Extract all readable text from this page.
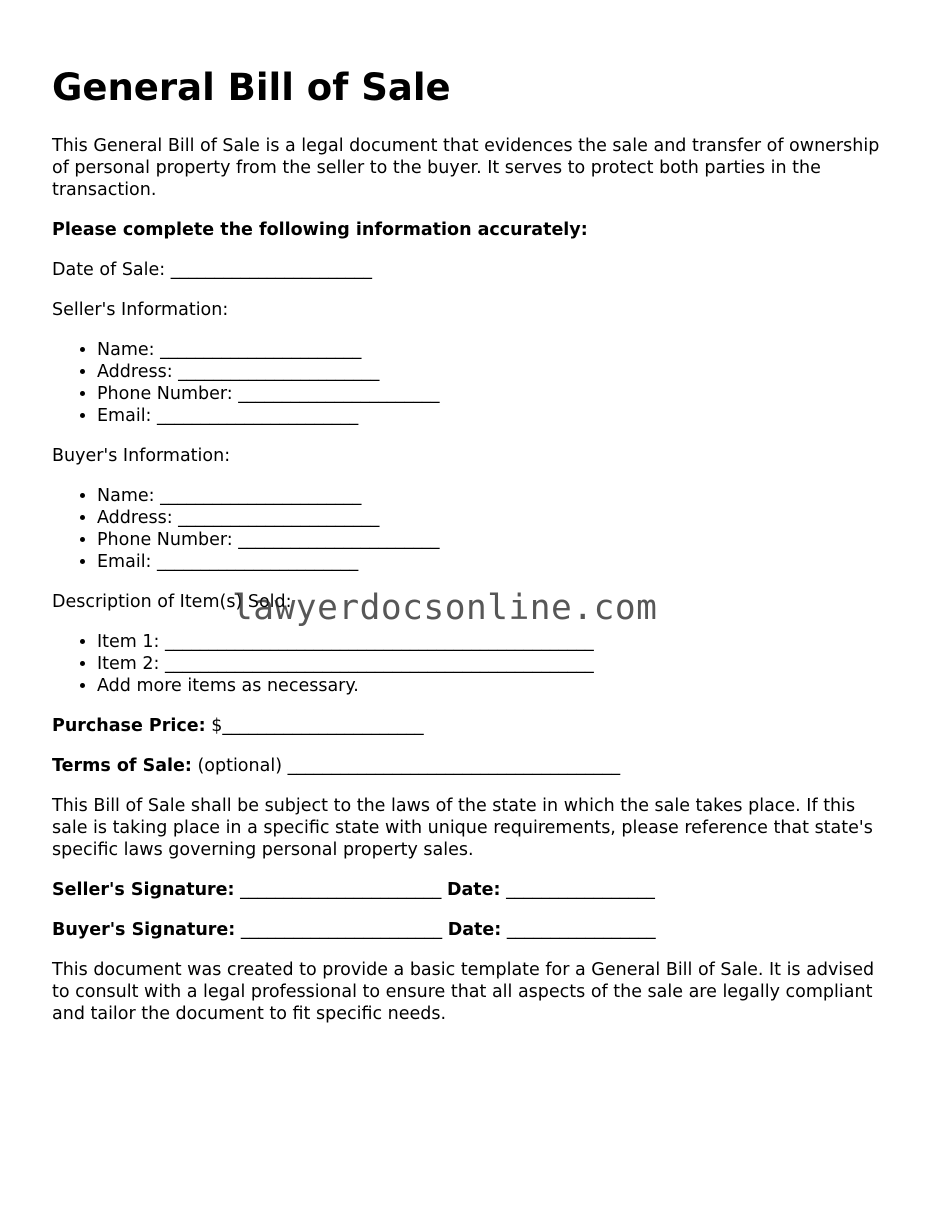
General Bill of Sale

This General Bill of Sale is a legal document that evidences the sale and transfer of ownership of personal property from the seller to the buyer. It serves to protect both parties in the transaction.

Please complete the following information accurately:

Date of Sale: _______________________

Seller's Information:

• Name: _______________________
• Address: _______________________
• Phone Number: _______________________
• Email: _______________________

Buyer's Information:

• Name: _______________________
• Address: _______________________
• Phone Number: _______________________
• Email: _______________________

Description of Item(s) Sold:

• Item 1: _________________________________________________
• Item 2: _________________________________________________
• Add more items as necessary.

Purchase Price: $_______________________

Terms of Sale: (optional) ______________________________________

This Bill of Sale shall be subject to the laws of the state in which the sale takes place. If this sale is taking place in a specific state with unique requirements, please reference that state's specific laws governing personal property sales.

Seller's Signature: _______________________ Date: _________________

Buyer's Signature: _______________________ Date: _________________

This document was created to provide a basic template for a General Bill of Sale. It is advised to consult with a legal professional to ensure that all aspects of the sale are legally compliant and tailor the document to fit specific needs.

lawyerdocsonline.com
